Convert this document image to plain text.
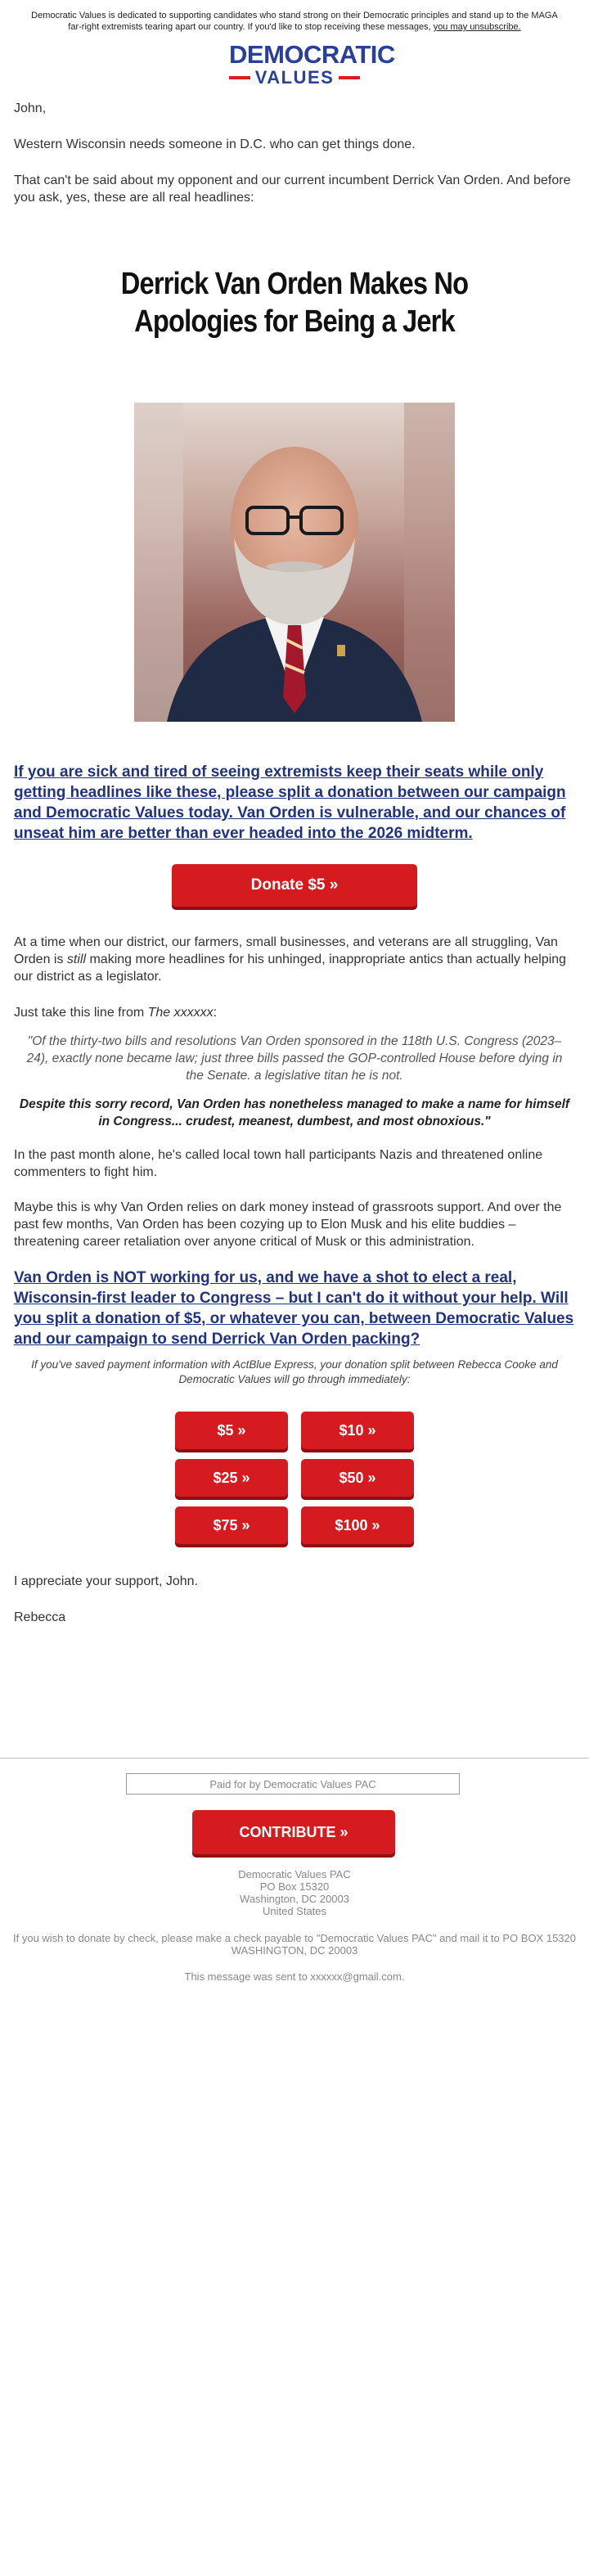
Democratic Values is dedicated to supporting candidates who stand strong on their Democratic principles and stand up to the MAGA far-right extremists tearing apart our country. If you'd like to stop receiving these messages, you may unsubscribe.
DEMOCRATIC
VALUES

John,

Western Wisconsin needs someone in D.C. who can get things done.

That can't be said about my opponent and our current incumbent Derrick Van Orden. And before you ask, yes, these are all real headlines:

Derrick Van Orden Makes No Apologies for Being a Jerk
If you are sick and tired of seeing extremists keep their seats while only getting headlines like these, please split a donation between our campaign and Democratic Values today. Van Orden is vulnerable, and our chances of unseat him are better than ever headed into the 2026 midterm.
Donate $5 »

At a time when our district, our farmers, small businesses, and veterans are all struggling, Van Orden is still making more headlines for his unhinged, inappropriate antics than actually helping our district as a legislator.

Just take this line from The xxxxxx:

"Of the thirty-two bills and resolutions Van Orden sponsored in the 118th U.S. Congress (2023–24), exactly none became law; just three bills passed the GOP-controlled House before dying in the Senate. a legislative titan he is not.

Despite this sorry record, Van Orden has nonetheless managed to make a name for himself in Congress... crudest, meanest, dumbest, and most obnoxious."

In the past month alone, he's called local town hall participants Nazis and threatened online commenters to fight him.

Maybe this is why Van Orden relies on dark money instead of grassroots support. And over the past few months, Van Orden has been cozying up to Elon Musk and his elite buddies – threatening career retaliation over anyone critical of Musk or this administration.

Van Orden is NOT working for us, and we have a shot to elect a real, Wisconsin-first leader to Congress – but I can't do it without your help. Will you split a donation of $5, or whatever you can, between Democratic Values and our campaign to send Derrick Van Orden packing?

If you've saved payment information with ActBlue Express, your donation split between Rebecca Cooke and Democratic Values will go through immediately:

$5 »	$10 »
$25 »	$50 »
$75 »	$100 »

I appreciate your support, John.

Rebecca

Paid for by Democratic Values PAC
CONTRIBUTE »

Democratic Values PAC

PO Box 15320

Washington, DC 20003

United States

If you wish to donate by check, please make a check payable to "Democratic Values PAC" and mail it to PO BOX 15320 WASHINGTON, DC 20003

This message was sent to xxxxxx@gmail.com.
